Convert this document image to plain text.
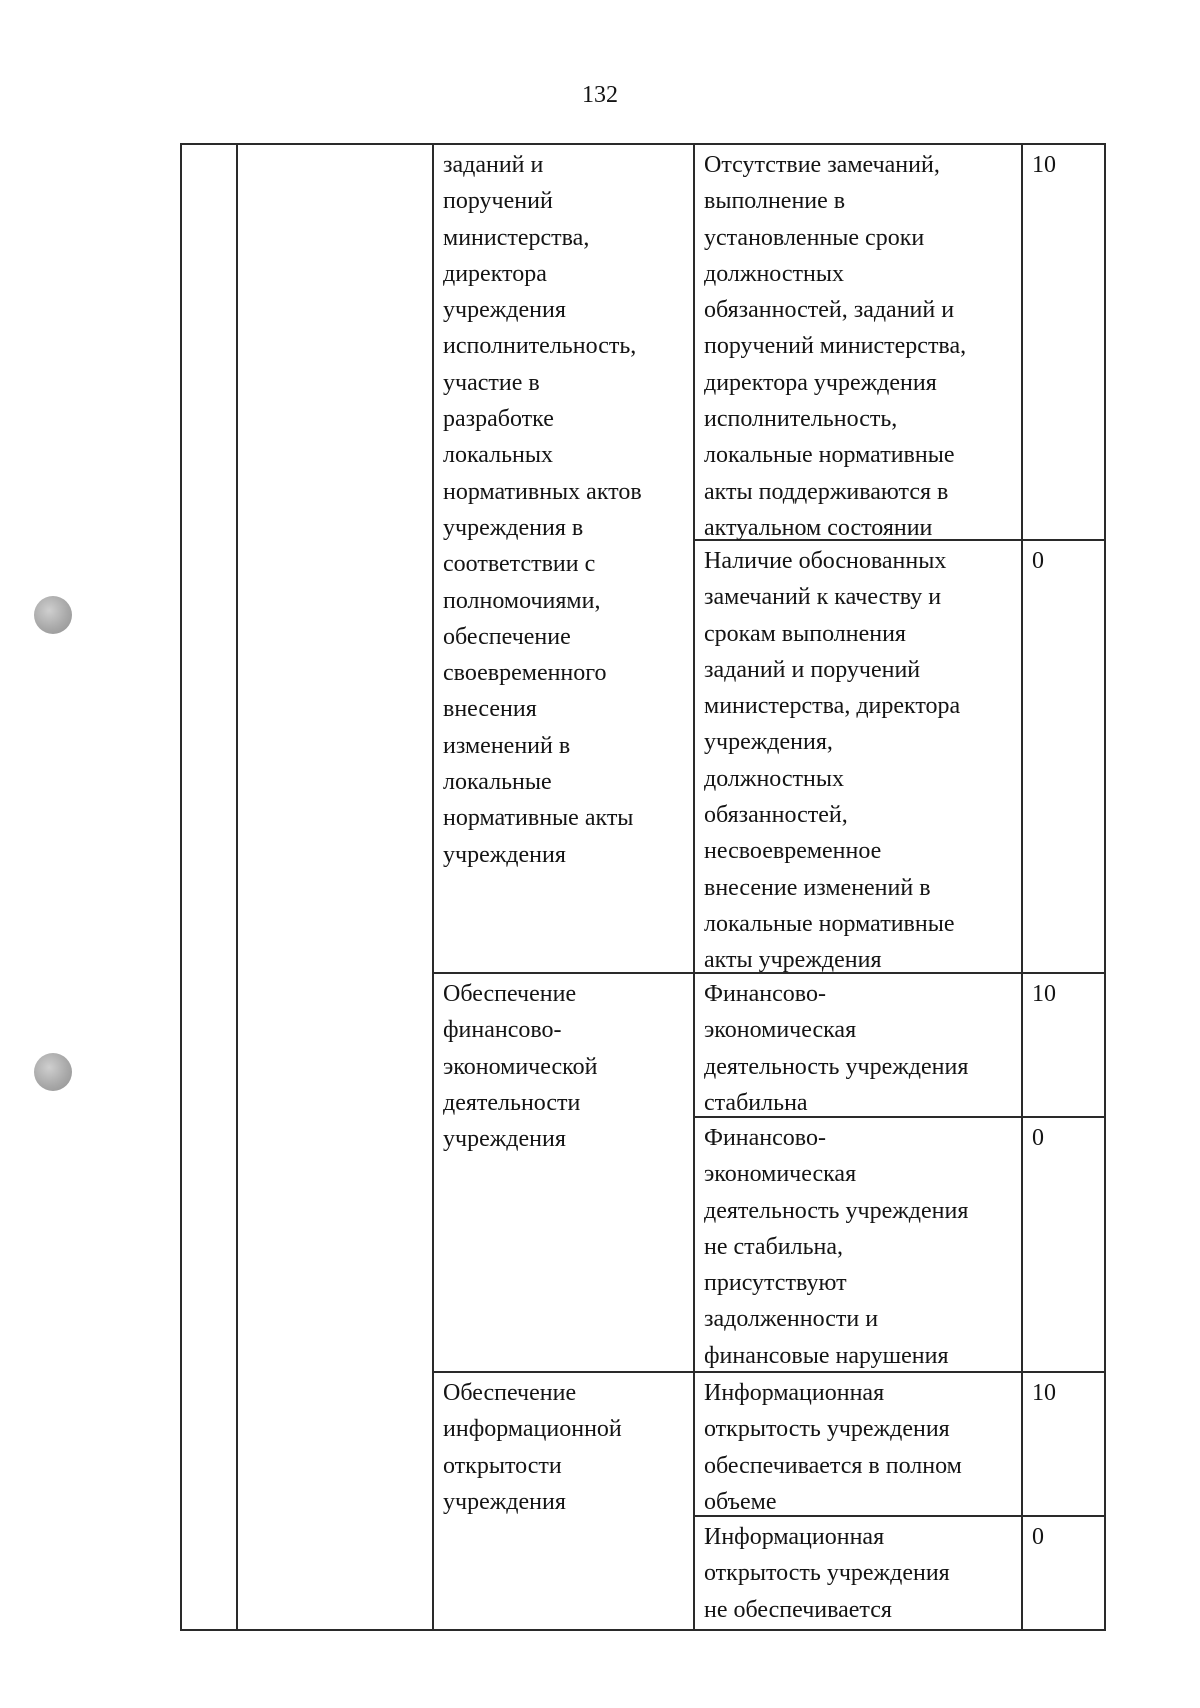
132
заданий и
поручений
министерства,
директора
учреждения
исполнительность,
участие в
разработке
локальных
нормативных актов
учреждения в
соответствии с
полномочиями,
обеспечение
своевременного
внесения
изменений в
локальные
нормативные акты
учреждения
Обеспечение
финансово-
экономической
деятельности
учреждения
Обеспечение
информационной
открытости
учреждения
Отсутствие замечаний,
выполнение в
установленные сроки
должностных
обязанностей, заданий и
поручений министерства,
директора учреждения
исполнительность,
локальные нормативные
акты поддерживаются в
актуальном состоянии
Наличие обоснованных
замечаний к качеству и
срокам выполнения
заданий и поручений
министерства, директора
учреждения,
должностных
обязанностей,
несвоевременное
внесение изменений в
локальные нормативные
акты учреждения
Финансово-
экономическая
деятельность учреждения
стабильна
Финансово-
экономическая
деятельность учреждения
не стабильна,
присутствуют
задолженности и
финансовые нарушения
Информационная
открытость учреждения
обеспечивается в полном
объеме
Информационная
открытость учреждения
не обеспечивается
10
0
10
0
10
0
